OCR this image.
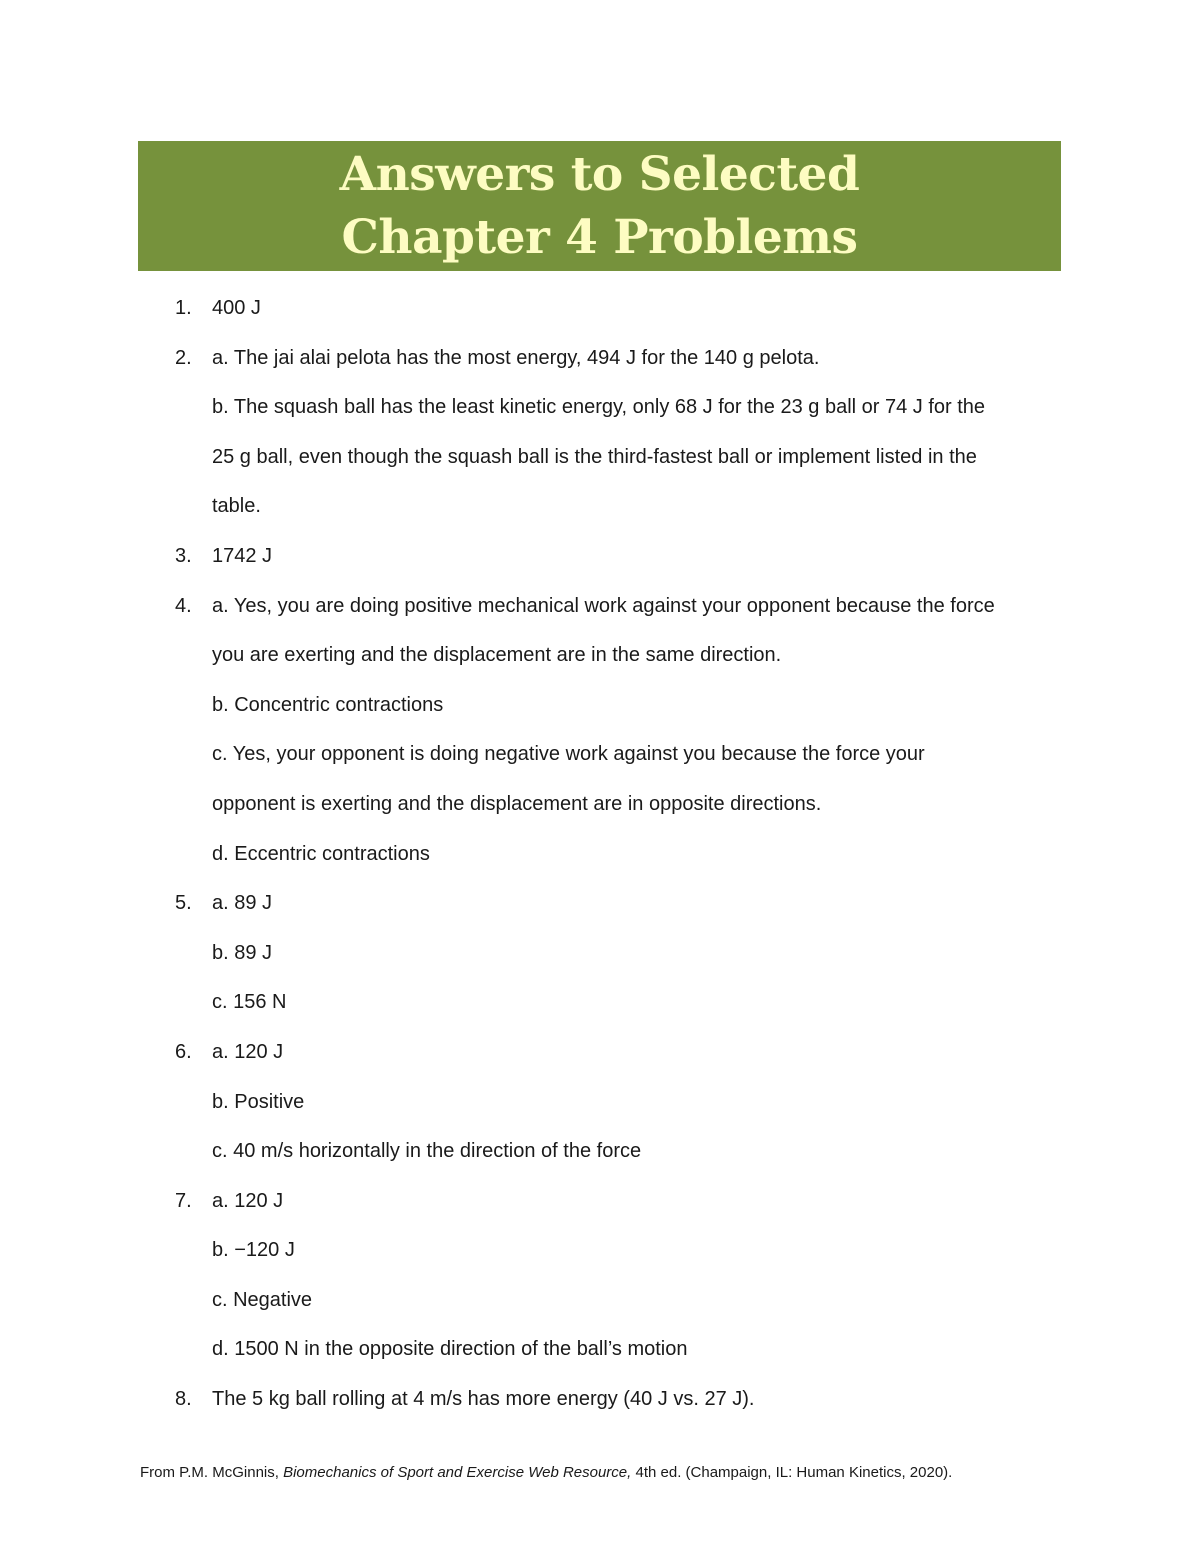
Answers to Selected
Chapter 4 Problems
1. 400 J
2. a. The jai alai pelota has the most energy, 494 J for the 140 g pelota.
b. The squash ball has the least kinetic energy, only 68 J for the 23 g ball or 74 J for the
25 g ball, even though the squash ball is the third-fastest ball or implement listed in the
table.
3. 1742 J
4. a. Yes, you are doing positive mechanical work against your opponent because the force
you are exerting and the displacement are in the same direction.
b. Concentric contractions
c. Yes, your opponent is doing negative work against you because the force your
opponent is exerting and the displacement are in opposite directions.
d. Eccentric contractions
5. a. 89 J
b. 89 J
c. 156 N
6. a. 120 J
b. Positive
c. 40 m/s horizontally in the direction of the force
7. a. 120 J
b. −120 J
c. Negative
d. 1500 N in the opposite direction of the ball’s motion
8. The 5 kg ball rolling at 4 m/s has more energy (40 J vs. 27 J).
From P.M. McGinnis, Biomechanics of Sport and Exercise Web Resource, 4th ed. (Champaign, IL: Human Kinetics, 2020).
